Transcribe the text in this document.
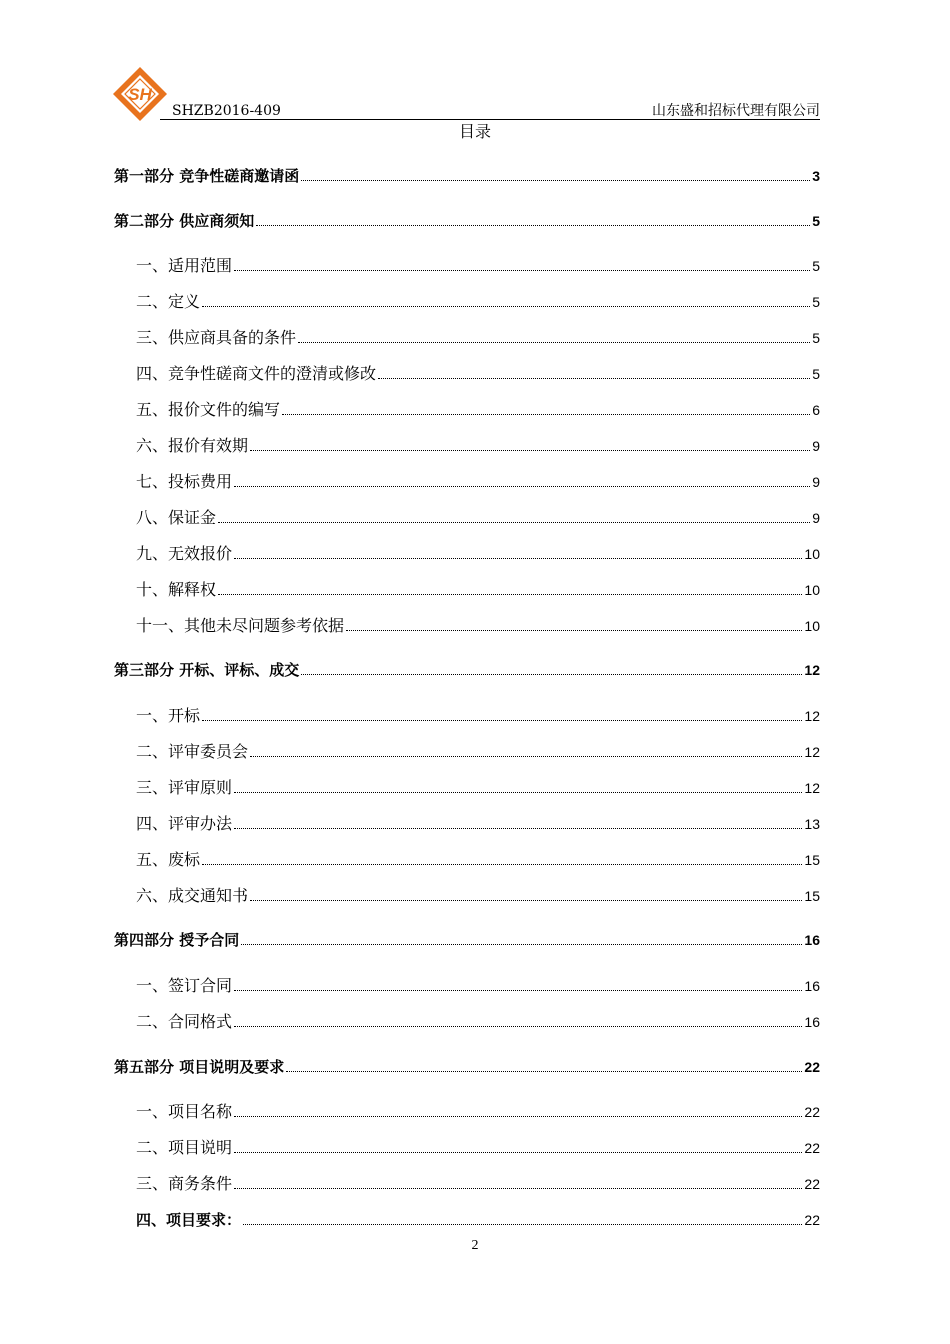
SH
SHZB2016-409	山东盛和招标代理有限公司
目录
第一部分 竞争性磋商邀请函	3
第二部分 供应商须知	5
一、适用范围	5
二、定义	5
三、供应商具备的条件	5
四、竞争性磋商文件的澄清或修改	5
五、报价文件的编写	6
六、报价有效期	9
七、投标费用	9
八、保证金	9
九、无效报价	10
十、解释权	10
十一、其他未尽问题参考依据	10
第三部分 开标、评标、成交	12
一、开标	12
二、评审委员会	12
三、评审原则	12
四、评审办法	13
五、废标	15
六、成交通知书	15
第四部分 授予合同	16
一、签订合同	16
二、合同格式	16
第五部分 项目说明及要求	22
一、项目名称	22
二、项目说明	22
三、商务条件	22
四、项目要求：	22
2
